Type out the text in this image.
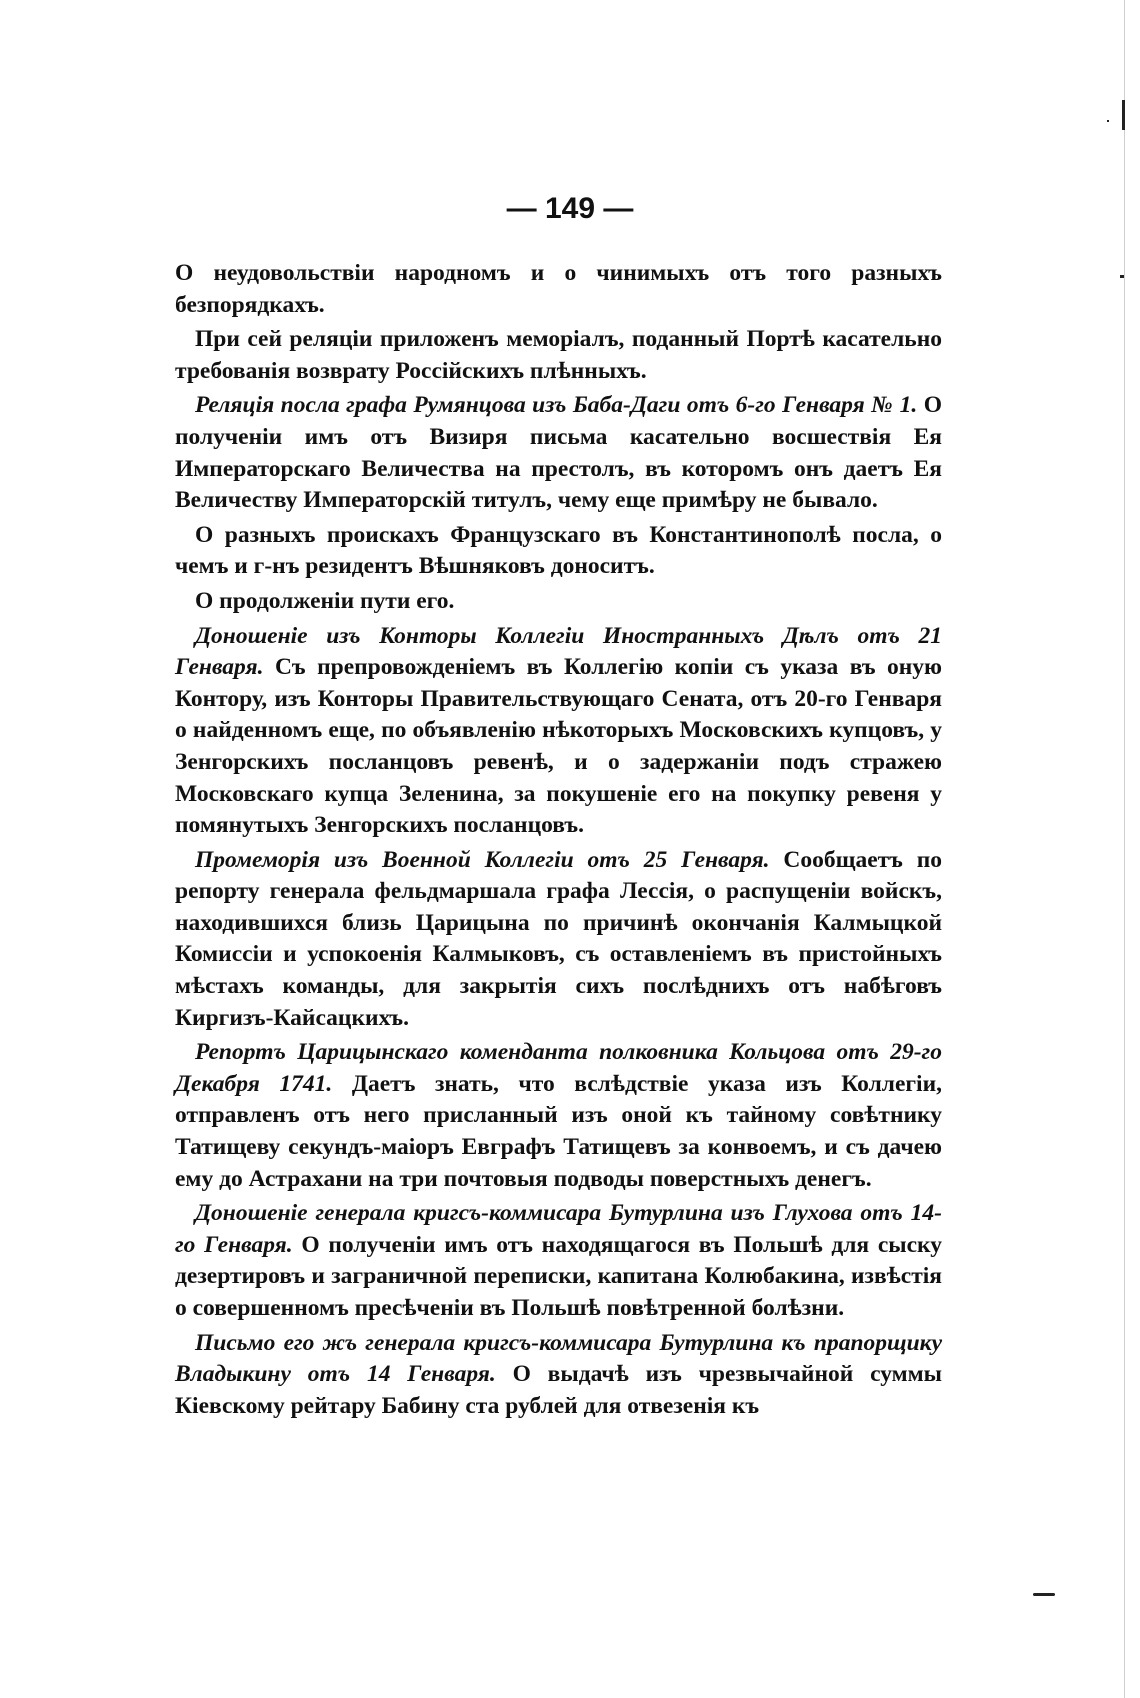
— 149 —

О неудовольствіи народномъ и о чинимыхъ отъ того разныхъ безпорядкахъ.

При сей реляціи приложенъ меморіалъ, поданный Портѣ касательно требованія возврату Россійскихъ плѣнныхъ.

Реляція посла графа Румянцова изъ Баба-Даги отъ 6-го Генваря № 1. О полученіи имъ отъ Визиря письма касательно восшествія Ея Императорскаго Величества на престолъ, въ которомъ онъ даетъ Ея Величеству Императорскій титулъ, чему еще примѣру не бывало.

О разныхъ проискахъ Французскаго въ Константинополѣ посла, о чемъ и г-нъ резидентъ Вѣшняковъ доноситъ.

О продолженіи пути его.

Доношеніе изъ Конторы Коллегіи Иностранныхъ Дѣлъ отъ 21 Генваря. Съ препровожденіемъ въ Коллегію копіи съ указа въ оную Контору, изъ Конторы Правительствующаго Сената, отъ 20-го Генваря о найденномъ еще, по объявленію нѣкоторыхъ Московскихъ купцовъ, у Зенгорскихъ посланцовъ ревенѣ, и о задержаніи подъ стражею Московскаго купца Зеленина, за покушеніе его на покупку ревеня у помянутыхъ Зенгорскихъ посланцовъ.

Промеморія изъ Военной Коллегіи отъ 25 Генваря. Сообщаетъ по репорту генерала фельдмаршала графа Лессія, о распущеніи войскъ, находившихся близь Царицына по причинѣ окончанія Калмыцкой Комиссіи и успокоенія Калмыковъ, съ оставленіемъ въ пристойныхъ мѣстахъ команды, для закрытія сихъ послѣднихъ отъ набѣговъ Киргизъ-Кайсацкихъ.

Репортъ Царицынскаго коменданта полковника Кольцова отъ 29-го Декабря 1741. Даетъ знать, что вслѣдствіе указа изъ Коллегіи, отправленъ отъ него присланный изъ оной къ тайному совѣтнику Татищеву секундъ-маіоръ Евграфъ Татищевъ за конвоемъ, и съ дачею ему до Астрахани на три почтовыя подводы поверстныхъ денегъ.

Доношеніе генерала кригсъ-коммисара Бутурлина изъ Глухова отъ 14-го Генваря. О полученіи имъ отъ находящагося въ Польшѣ для сыску дезертировъ и заграничной переписки, капитана Колюбакина, извѣстія о совершенномъ пресѣченіи въ Польшѣ повѣтренной болѣзни.

Письмо его жъ генерала кригсъ-коммисара Бутурлина къ прапорщику Владыкину отъ 14 Генваря. О выдачѣ изъ чрезвычайной суммы Кіевскому рейтару Бабину ста рублей для отвезенія къ
